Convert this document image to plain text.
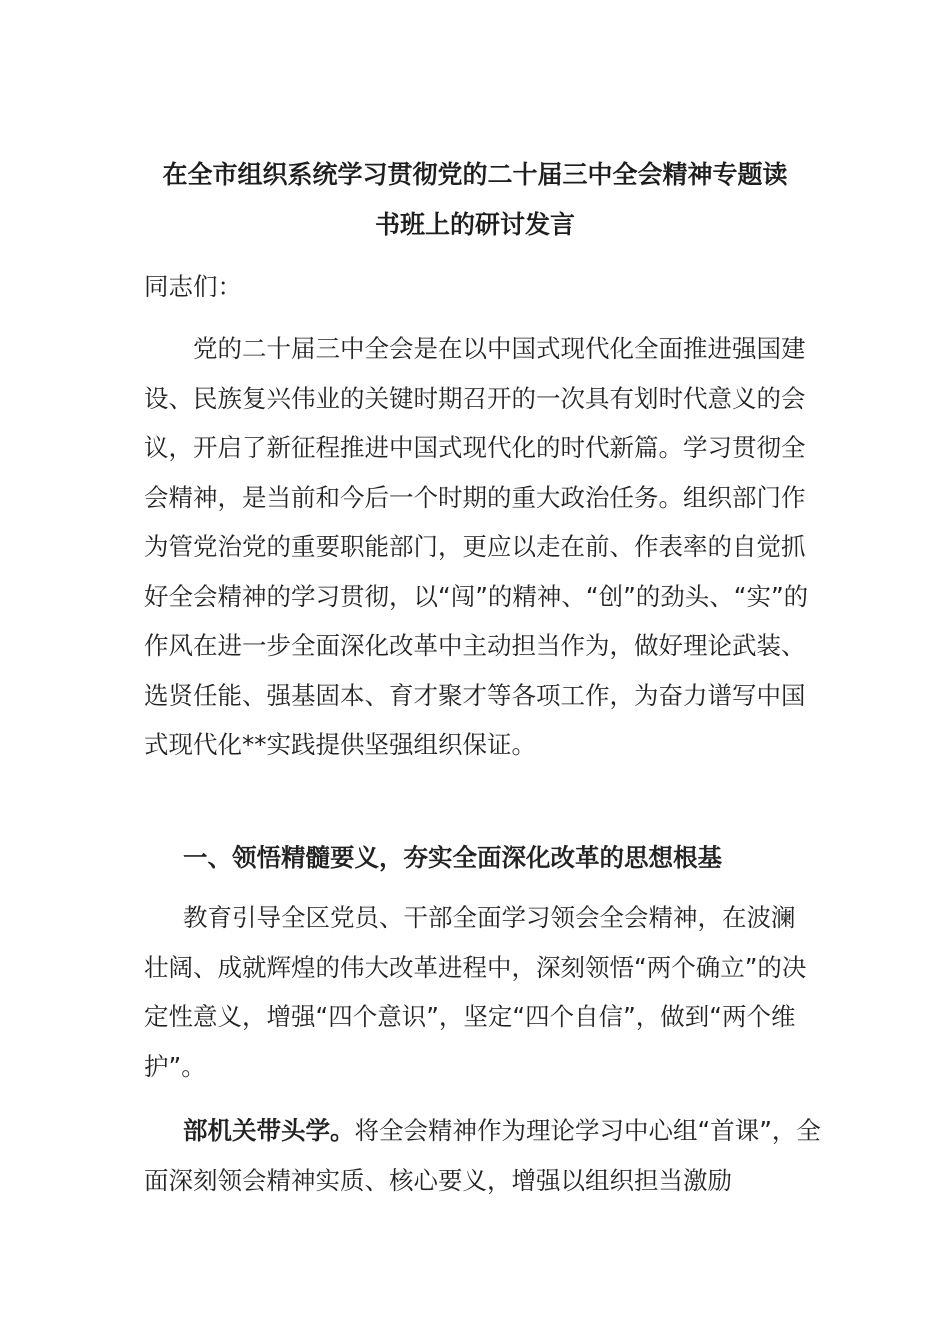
在全市组织系统学习贯彻党的二十届三中全会精神专题读
书班上的研讨发言
同志们：
党的二十届三中全会是在以中国式现代化全面推进强国建设、民族复兴伟业的关键时期召开的一次具有划时代意义的会议，开启了新征程推进中国式现代化的时代新篇。学习贯彻全会精神，是当前和今后一个时期的重大政治任务。组织部门作为管党治党的重要职能部门，更应以走在前、作表率的自觉抓好全会精神的学习贯彻，以“闯”的精神、“创”的劲头、“实”的作风在进一步全面深化改革中主动担当作为，做好理论武装、选贤任能、强基固本、育才聚才等各项工作，为奋力谱写中国式现代化**实践提供坚强组织保证。
一、领悟精髓要义，夯实全面深化改革的思想根基
教育引导全区党员、干部全面学习领会全会精神，在波澜壮阔、成就辉煌的伟大改革进程中，深刻领悟“两个确立”的决定性意义，增强“四个意识”，坚定“四个自信”，做到“两个维护”。
部机关带头学。将全会精神作为理论学习中心组“首课”，全面深刻领会精神实质、核心要义，增强以组织担当激励
